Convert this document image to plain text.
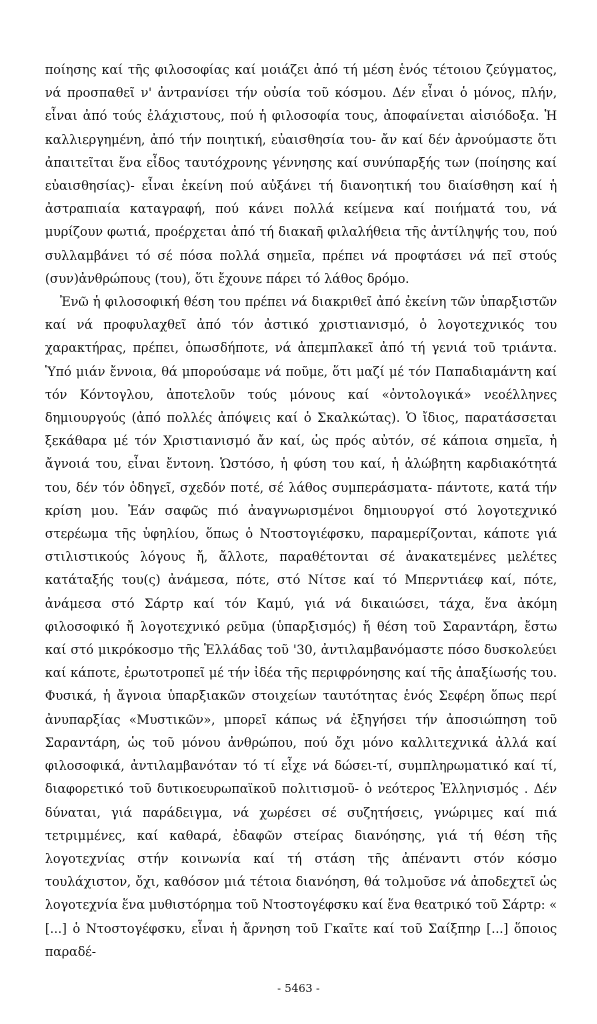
ποίησης καί τῆς φιλοσοφίας καί μοιάζει ἀπό τή μέση ἑνός τέτοιου ζεύγματος, νά προσπαθεῖ ν' ἀντρανίσει τήν οὐσία τοῦ κόσμου. Δέν εἶναι ὁ μόνος, πλήν, εἶναι ἀπό τούς ἐλάχιστους, πού ἡ φιλοσοφία τους, ἀποφαίνεται αἰσιόδοξα. Ἡ καλλιεργημένη, ἀπό τήν ποιητική, εὐαισθησία του- ἄν καί δέν ἀρνούμαστε ὅτι ἀπαιτεῖται ἕνα εἶδος ταυτόχρονης γέννησης καί συνύπαρξής των (ποίησης καί εὐαισθησίας)- εἶναι ἐκείνη πού αὐξάνει τή διανοητική του διαίσθηση καί ἡ ἀστραπιαία καταγραφή, πού κάνει πολλά κείμενα καί ποιήματά του, νά μυρίζουν φωτιά, προέρχεται ἀπό τή διακαῆ φιλαλήθεια τῆς ἀντίληψής του, πού συλλαμβάνει τό σέ πόσα πολλά σημεῖα, πρέπει νά προφτάσει νά πεῖ στούς (συν)ἀνθρώπους (του), ὅτι ἔχουνε πάρει τό λάθος δρόμο.

Ἐνῶ ἡ φιλοσοφική θέση του πρέπει νά διακριθεῖ ἀπό ἐκείνη τῶν ὑπαρξιστῶν καί νά προφυλαχθεῖ ἀπό τόν ἀστικό χριστιανισμό, ὁ λογοτεχνικός του χαρακτήρας, πρέπει, ὁπωσδήποτε, νά ἀπεμπλακεῖ ἀπό τή γενιά τοῦ τριάντα. Ὑπό μιάν ἔννοια, θά μπορούσαμε νά ποῦμε, ὅτι μαζί μέ τόν Παπαδιαμάντη καί τόν Κόντογλου, ἀποτελοῦν τούς μόνους καί «ὀντολογικά» νεοέλληνες δημιουργούς (ἀπό πολλές ἀπόψεις καί ὁ Σκαλκώτας). Ὁ ἴδιος, παρατάσσεται ξεκάθαρα μέ τόν Χριστιανισμό ἄν καί, ὡς πρός αὐτόν, σέ κάποια σημεῖα, ἡ ἄγνοιά του, εἶναι ἔντονη. Ὡστόσο, ἡ φύση του καί, ἡ ἀλώβητη καρδιακότητά του, δέν τόν ὁδηγεῖ, σχεδόν ποτέ, σέ λάθος συμπεράσματα- πάντοτε, κατά τήν κρίση μου. Ἐάν σαφῶς πιό ἀναγνωρισμένοι δημιουργοί στό λογοτεχνικό στερέωμα τῆς ὑφηλίου, ὅπως ὁ Ντοστογιέφσκυ, παραμερίζονται, κάποτε γιά στιλιστικούς λόγους ἤ, ἄλλοτε, παραθέτονται σέ ἀνακατεμένες μελέτες κατάταξής του(ς) ἀνάμεσα, πότε, στό Νίτσε καί τό Μπερντιάεφ καί, πότε, ἀνάμεσα στό Σάρτρ καί τόν Καμύ, γιά νά δικαιώσει, τάχα, ἕνα ἀκόμη φιλοσοφικό ἤ λογοτεχνικό ρεῦμα (ὑπαρξισμός) ἤ θέση τοῦ Σαραντάρη, ἔστω καί στό μικρόκοσμο τῆς Ἑλλάδας τοῦ '30, ἀντιλαμβανόμαστε πόσο δυσκολεύει καί κάποτε, ἐρωτοτροπεῖ μέ τήν ἰδέα τῆς περιφρόνησης καί τῆς ἀπαξίωσής του. Φυσικά, ἡ ἄγνοια ὑπαρξιακῶν στοιχείων ταυτότητας ἑνός Σεφέρη ὅπως περί ἀνυπαρξίας «Μυστικῶν», μπορεῖ κάπως νά ἐξηγήσει τήν ἀποσιώπηση τοῦ Σαραντάρη, ὡς τοῦ μόνου ἀνθρώπου, πού ὄχι μόνο καλλιτεχνικά ἀλλά καί φιλοσοφικά, ἀντιλαμβανόταν τό τί εἶχε νά δώσει-τί, συμπληρωματικό καί τί, διαφορετικό τοῦ δυτικοευρωπαϊκοῦ πολιτισμοῦ- ὁ νεότερος Ἑλληνισμός . Δέν δύναται, γιά παράδειγμα, νά χωρέσει σέ συζητήσεις, γνώριμες καί πιά τετριμμένες, καί καθαρά, ἐδαφῶν στείρας διανόησης, γιά τή θέση τῆς λογοτεχνίας στήν κοινωνία καί τή στάση τῆς ἀπέναντι στόν κόσμο τουλάχιστον, ὄχι, καθόσον μιά τέτοια διανόηση, θά τολμοῦσε νά ἀποδεχτεῖ ὡς λογοτεχνία ἕνα μυθιστόρημα τοῦ Ντοστογέφσκυ καί ἕνα θεατρικό τοῦ Σάρτρ: « [...] ὁ Ντοστογέφσκυ, εἶναι ἡ ἄρνηση τοῦ Γκαῖτε καί τοῦ Σαίξπηρ [...] ὅποιος παραδέ-

- 5463 -
